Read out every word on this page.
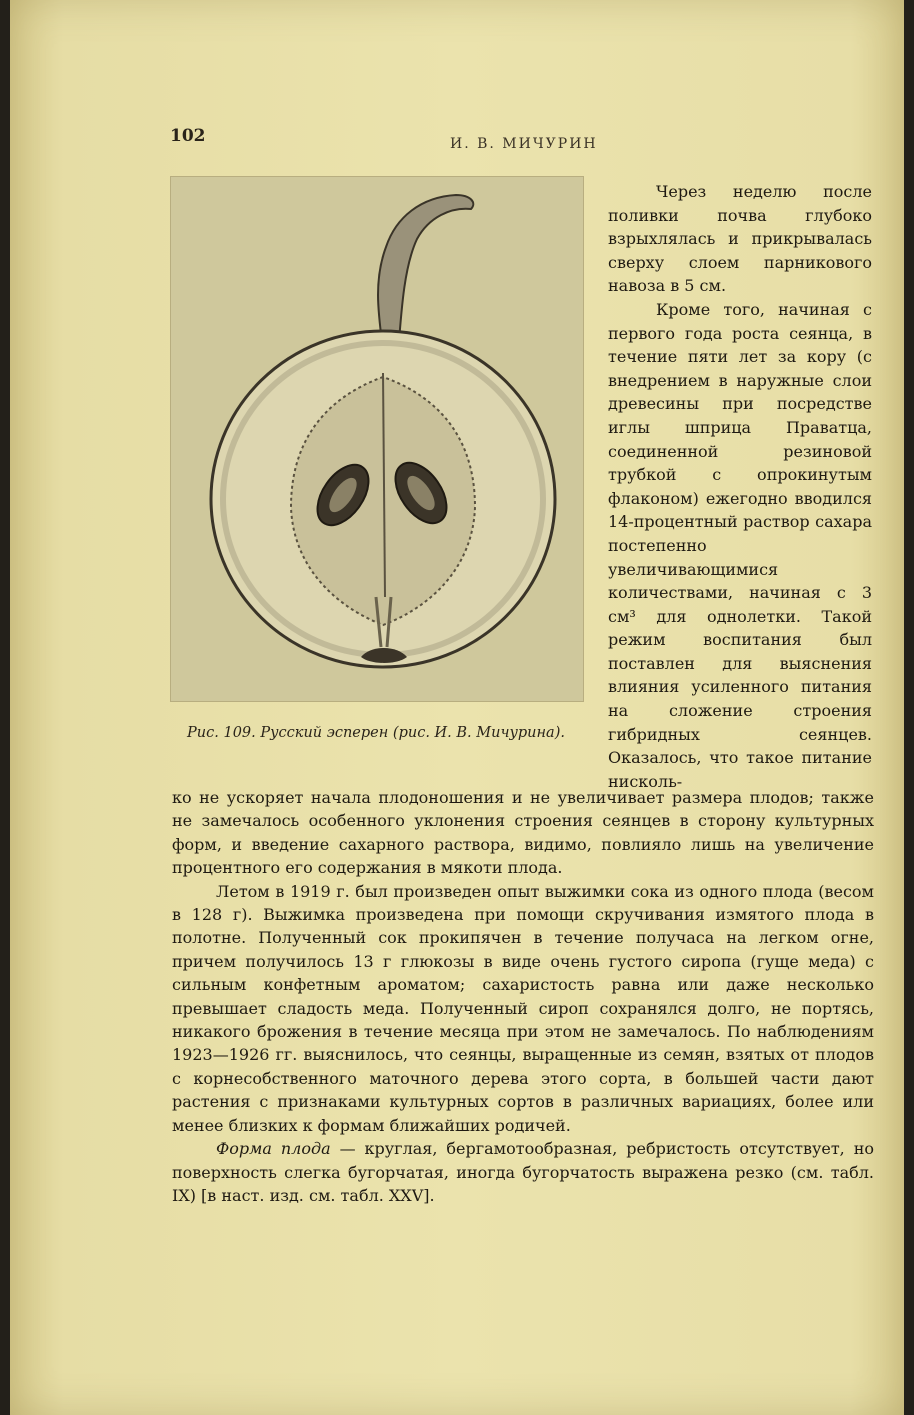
102	И. В. МИЧУРИН
Рис. 109. Русский эсперен (рис. И. В. Мичурина).

Через неделю после поливки почва глубоко взрыхлялась и прикрывалась сверху слоем парникового навоза в 5 см.

Кроме того, начиная с первого года роста сеянца, в течение пяти лет за кору (с внедрением в наружные слои древесины при посредстве иглы шприца Праватца, соединенной резиновой трубкой с опрокинутым флаконом) ежегодно вводился 14-процентный раствор сахара постепенно увеличивающимися количествами, начиная с 3 см³ для однолетки. Такой режим воспитания был поставлен для выяснения влияния усиленного питания на сложение строения гибридных сеянцев. Оказалось, что такое питание нисколь-

ко не ускоряет начала плодоношения и не увеличивает размера плодов; также не замечалось особенного уклонения строения сеянцев в сторону культурных форм, и введение сахарного раствора, видимо, повлияло лишь на увеличение процентного его содержания в мякоти плода.

Летом в 1919 г. был произведен опыт выжимки сока из одного плода (весом в 128 г). Выжимка произведена при помощи скручивания измятого плода в полотне. Полученный сок прокипячен в течение получаса на легком огне, причем получилось 13 г глюкозы в виде очень густого сиропа (гуще меда) с сильным конфетным ароматом; сахаристость равна или даже несколько превышает сладость меда. Полученный сироп сохранялся долго, не портясь, никакого брожения в течение месяца при этом не замечалось. По наблюдениям 1923—1926 гг. выяснилось, что сеянцы, выращенные из семян, взятых от плодов с корнесобственного маточного дерева этого сорта, в большей части дают растения с признаками культурных сортов в различных вариациях, более или менее близких к формам ближайших родичей.

Форма плода — круглая, бергамотообразная, ребристость отсутствует, но поверхность слегка бугорчатая, иногда бугорчатость выражена резко (см. табл. IX) [в наст. изд. см. табл. XXV].
